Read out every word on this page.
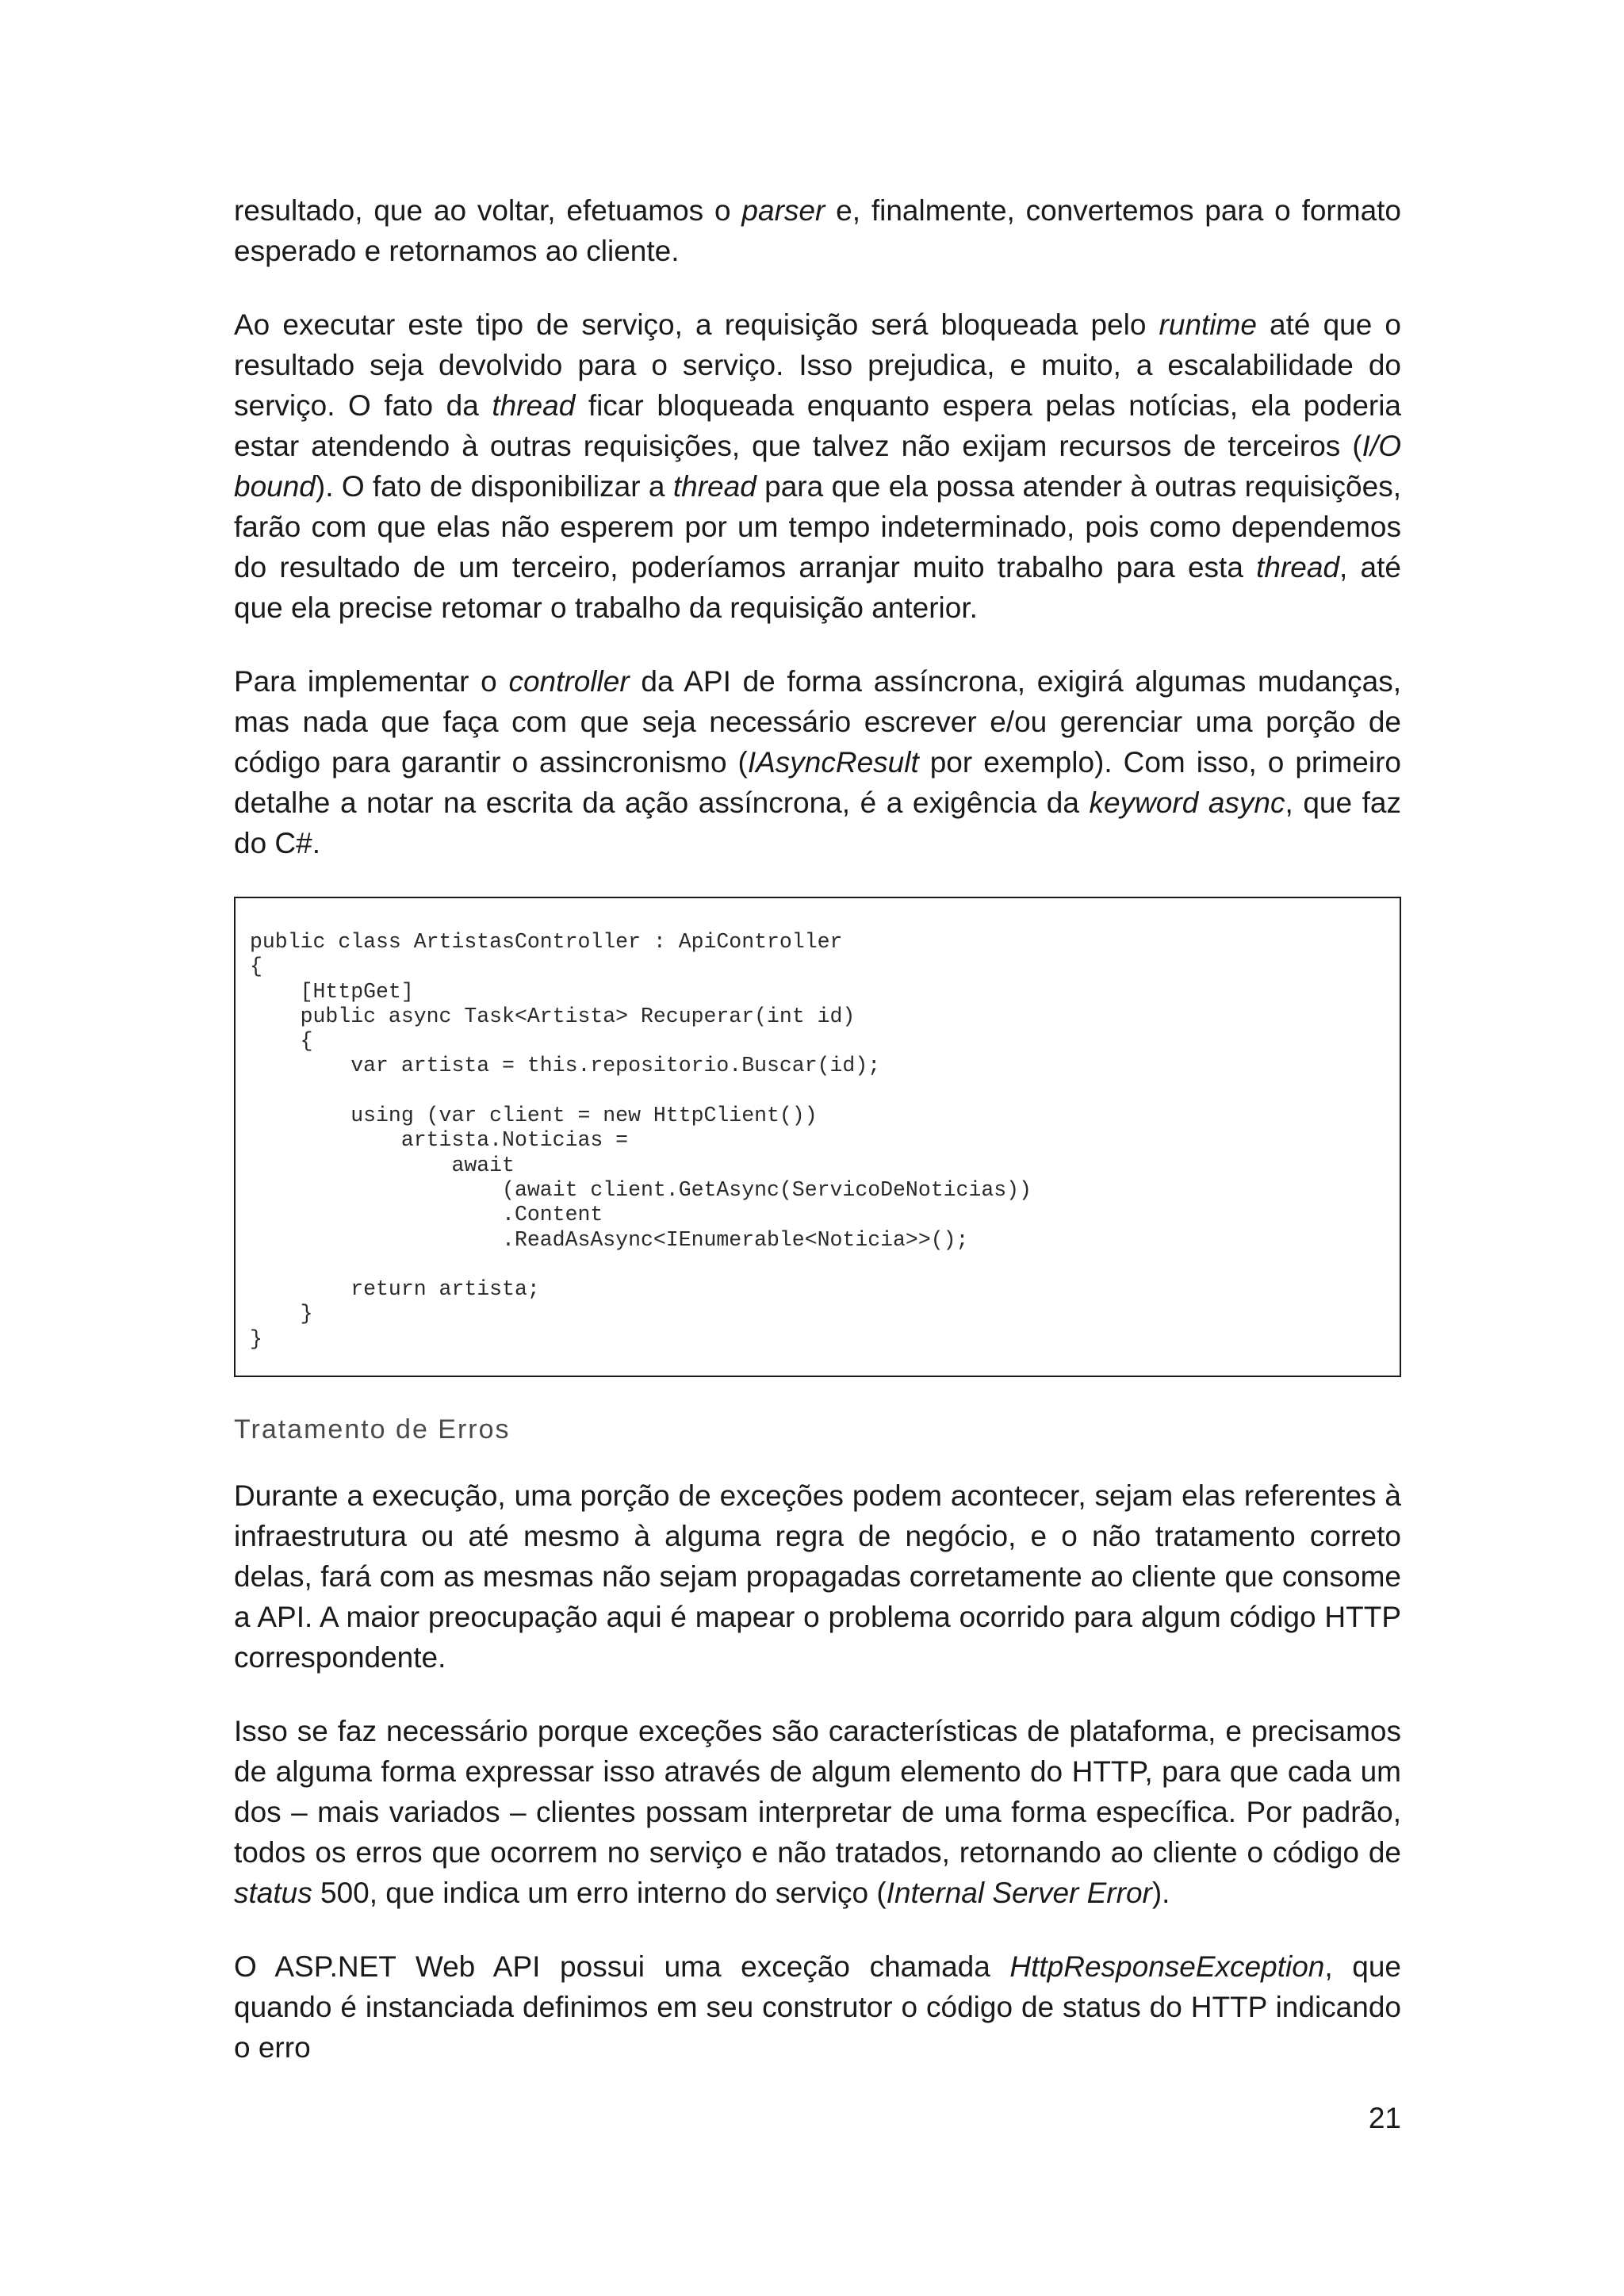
resultado, que ao voltar, efetuamos o parser e, finalmente, convertemos para o formato esperado e retornamos ao cliente.

Ao executar este tipo de serviço, a requisição será bloqueada pelo runtime até que o resultado seja devolvido para o serviço. Isso prejudica, e muito, a escalabilidade do serviço. O fato da thread ficar bloqueada enquanto espera pelas notícias, ela poderia estar atendendo à outras requisições, que talvez não exijam recursos de terceiros (I/O bound). O fato de disponibilizar a thread para que ela possa atender à outras requisições, farão com que elas não esperem por um tempo indeterminado, pois como dependemos do resultado de um terceiro, poderíamos arranjar muito trabalho para esta thread, até que ela precise retomar o trabalho da requisição anterior.

Para implementar o controller da API de forma assíncrona, exigirá algumas mudanças, mas nada que faça com que seja necessário escrever e/ou gerenciar uma porção de código para garantir o assincronismo (IAsyncResult por exemplo). Com isso, o primeiro detalhe a notar na escrita da ação assíncrona, é a exigência da keyword async, que faz do C#.

public class ArtistasController : ApiController
{
[HttpGet]
public async Task<Artista> Recuperar(int id)
{
var artista = this.repositorio.Buscar(id);

using (var client = new HttpClient())
artista.Noticias =
await
(await client.GetAsync(ServicoDeNoticias))
.Content
.ReadAsAsync<IEnumerable<Noticia>>();

return artista;
}
}
Tratamento de Erros

Durante a execução, uma porção de exceções podem acontecer, sejam elas referentes à infraestrutura ou até mesmo à alguma regra de negócio, e o não tratamento correto delas, fará com as mesmas não sejam propagadas corretamente ao cliente que consome a API. A maior preocupação aqui é mapear o problema ocorrido para algum código HTTP correspondente.

Isso se faz necessário porque exceções são características de plataforma, e precisamos de alguma forma expressar isso através de algum elemento do HTTP, para que cada um dos – mais variados – clientes possam interpretar de uma forma específica. Por padrão, todos os erros que ocorrem no serviço e não tratados, retornando ao cliente o código de status 500, que indica um erro interno do serviço (Internal Server Error).

O ASP.NET Web API possui uma exceção chamada HttpResponseException, que quando é instanciada definimos em seu construtor o código de status do HTTP indicando o erro

21
